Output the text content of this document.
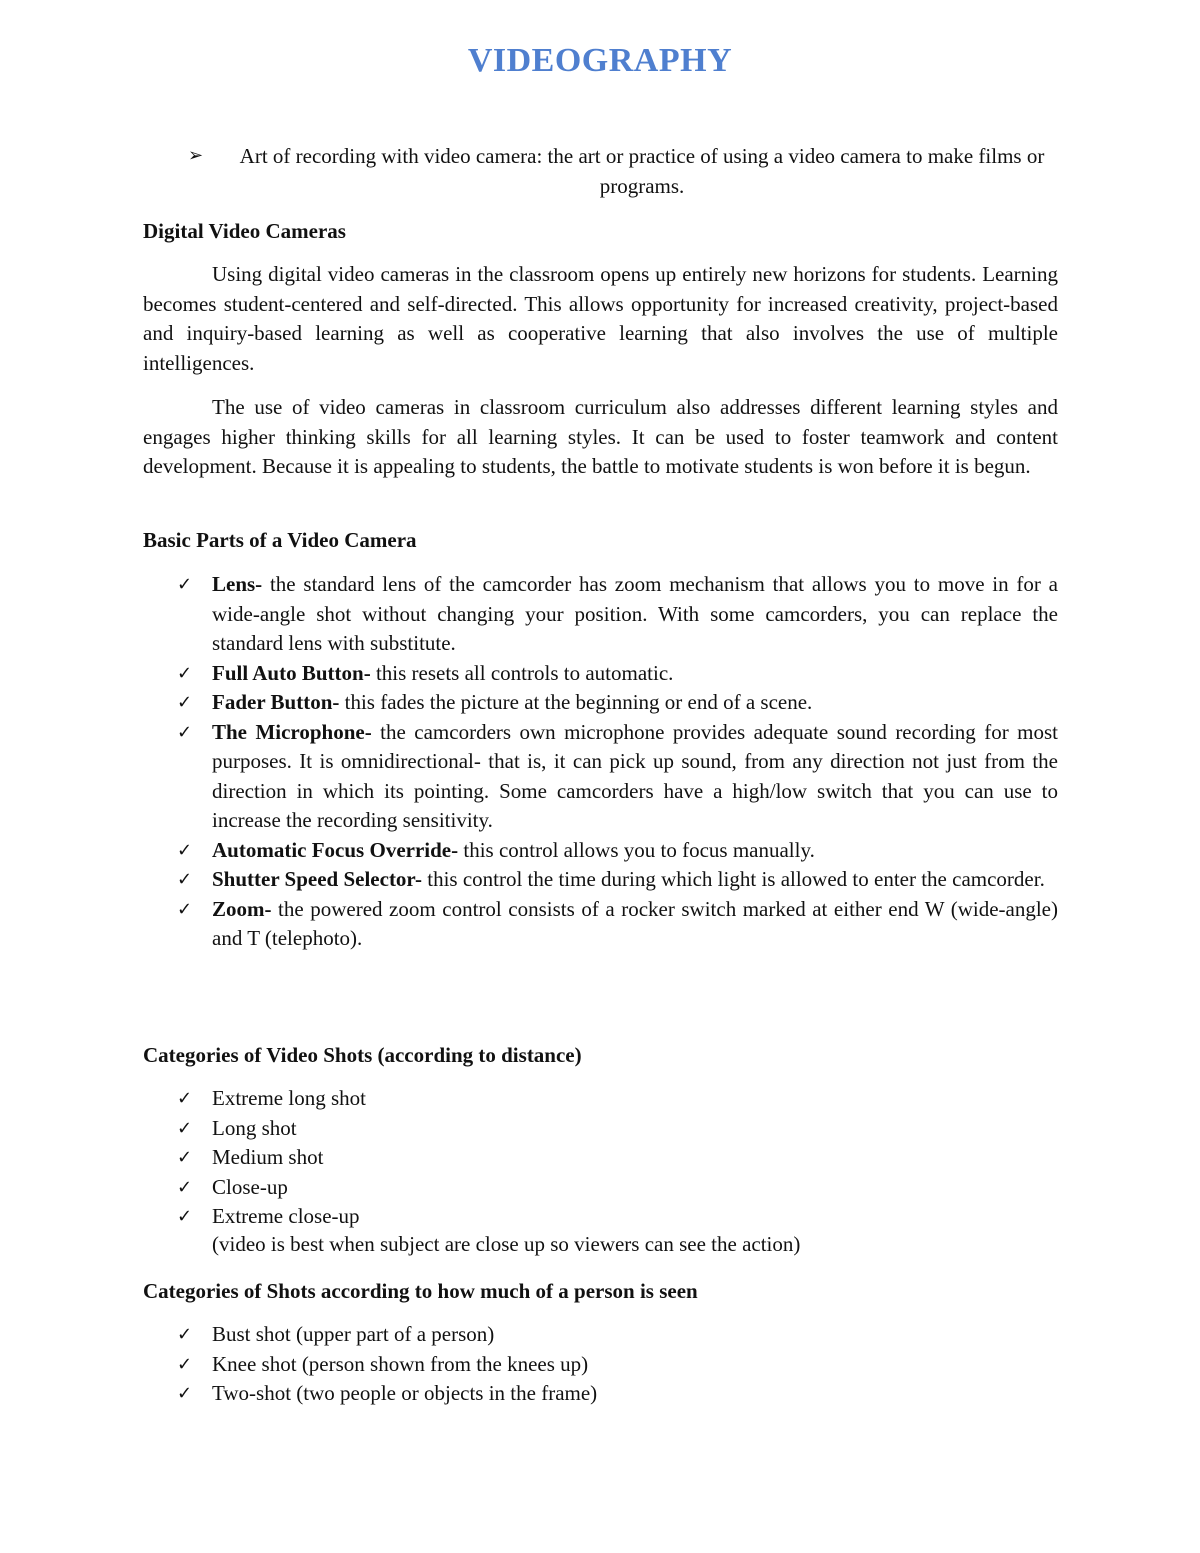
VIDEOGRAPHY
➢	Art of recording with video camera: the art or practice of using a video camera to make films or programs.
Digital Video Cameras

Using digital video cameras in the classroom opens up entirely new horizons for students. Learning becomes student-centered and self-directed. This allows opportunity for increased creativity, project-based and inquiry-based learning as well as cooperative learning that also involves the use of multiple intelligences.

The use of video cameras in classroom curriculum also addresses different learning styles and engages higher thinking skills for all learning styles. It can be used to foster teamwork and content development. Because it is appealing to students, the battle to motivate students is won before it is begun.

Basic Parts of a Video Camera
✓ Lens- the standard lens of the camcorder has zoom mechanism that allows you to move in for a wide-angle shot without changing your position. With some camcorders, you can replace the standard lens with substitute.
✓ Full Auto Button- this resets all controls to automatic.
✓ Fader Button- this fades the picture at the beginning or end of a scene.
✓ The Microphone- the camcorders own microphone provides adequate sound recording for most purposes. It is omnidirectional- that is, it can pick up sound, from any direction not just from the direction in which its pointing. Some camcorders have a high/low switch that you can use to increase the recording sensitivity.
✓ Automatic Focus Override- this control allows you to focus manually.
✓ Shutter Speed Selector- this control the time during which light is allowed to enter the camcorder.
✓ Zoom- the powered zoom control consists of a rocker switch marked at either end W (wide-angle) and T (telephoto).
Categories of Video Shots (according to distance)
✓ Extreme long shot
✓ Long shot
✓ Medium shot
✓ Close-up
✓ Extreme close-up

(video is best when subject are close up so viewers can see the action)

Categories of Shots according to how much of a person is seen
✓ Bust shot (upper part of a person)
✓ Knee shot (person shown from the knees up)
✓ Two-shot (two people or objects in the frame)
